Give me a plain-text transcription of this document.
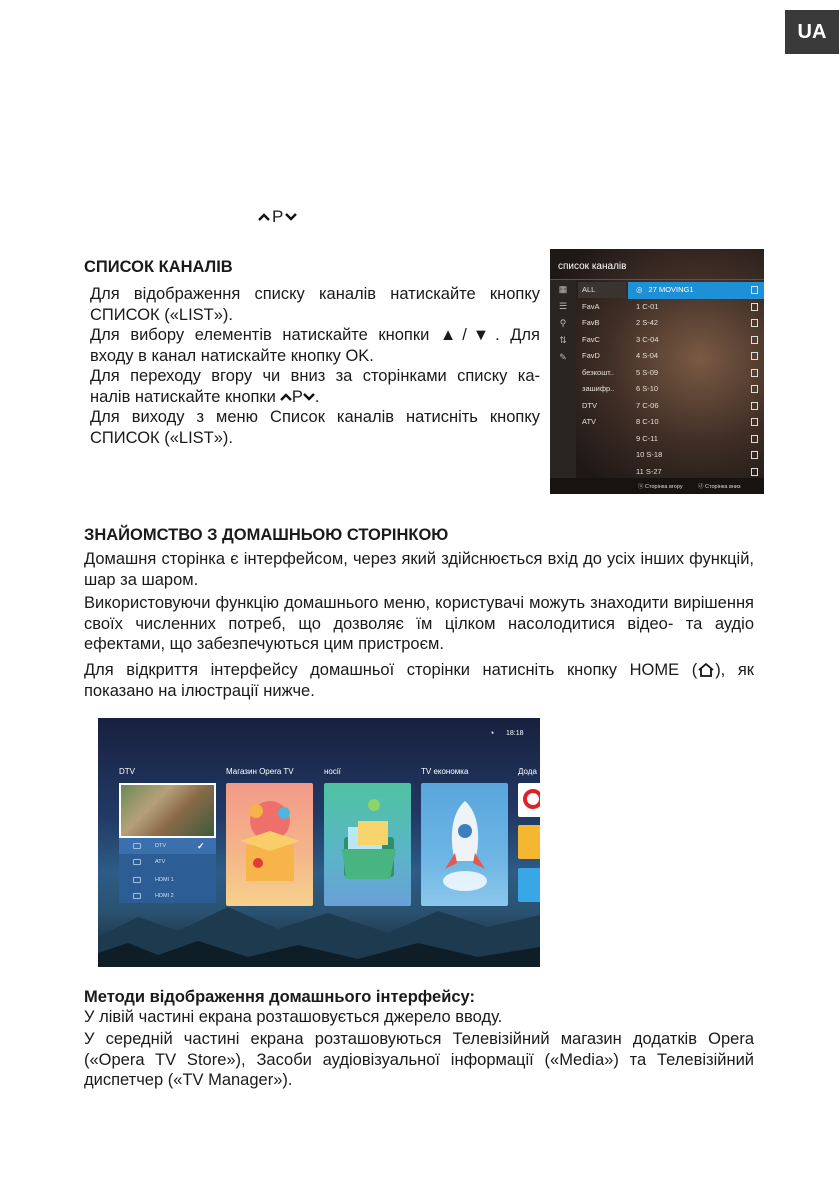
UA
P
СПИСОК КАНАЛІВ
Для відображення списку каналів натискайте кнопку
СПИСОК («LIST»).
Для вибору елементів натискайте кнопки ▲/▼. Для
входу в канал натискайте кнопку OK.
Для переходу вгору чи вниз за сторінками списку ка-
налів натискайте кнопки P .
Для виходу з меню Список каналів натисніть кнопку
СПИСОК («LIST»).
список каналів
▦
☰
⚲
⇅
✎
ALL
FavA
FavB
FavC
FavD
безкошт..
зашифр..
DTV
ATV
◎ 27 MOVING1
1 C-01
2 S-42
3 C-04
4 S-04
5 S-09
6 S-10
7 C-06
8 C-10
9 C-11
10 S-18
11 S-27
ⓤ Сторінка вгору	ⓓ Сторінка вниз
ЗНАЙОМСТВО З ДОМАШНЬОЮ СТОРІНКОЮ
Домашня сторінка є інтерфейсом, через який здійснюється вхід до усіх інших функцій, шар за шаром.
Використовуючи функцію домашнього меню, користувачі можуть знаходити вирішення своїх численних потреб, що дозволяє їм цілком насолодитися відео- та аудіо ефектами, що забезпечуються цим пристроєм.
Для відкриття інтерфейсу домашньої сторінки натисніть кнопку HOME ( ), як показано на ілюстрації нижче.
◔ 18:18
DTV	Магазин Opera TV	носії	TV економка	Дода
DTV	✓
ATV
HDMI 1
HDMI 2
Методи відображення домашнього інтерфейсу:
У лівій частині екрана розташовується джерело вводу.
У середній частині екрана розташовуються Телевізійний магазин додатків Opera («Opera TV Store»), Засоби аудіовізуальної інформації («Media») та Телевізійний диспетчер («TV Manager»).
